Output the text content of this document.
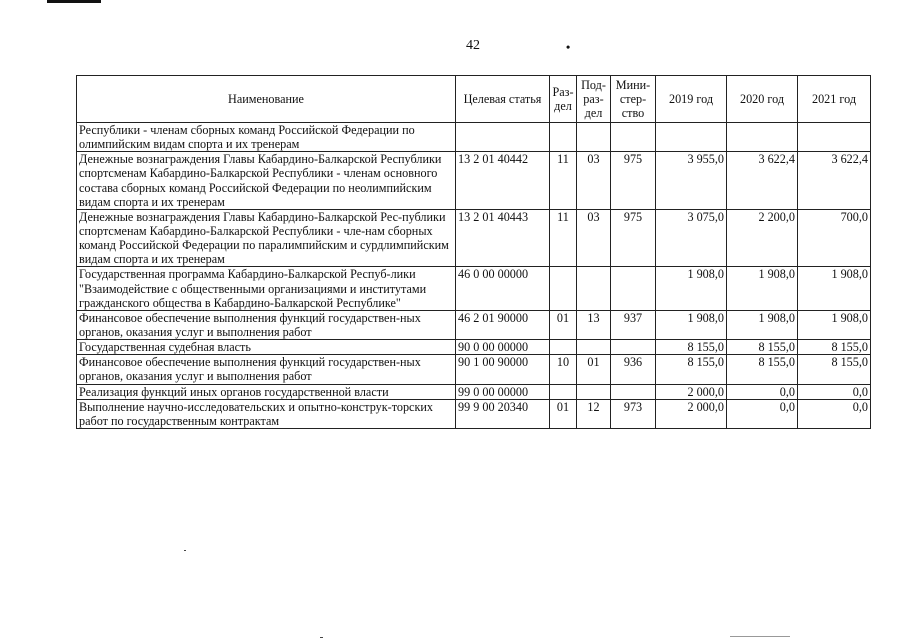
42	•
Наименование	Целевая статья	Раз-дел	Под-раз-дел	Мини-стер-ство	2019 год	2020 год	2021 год
Республики - членам сборных команд Российской Федерации по олимпийским видам спорта и их тренерам							
Денежные вознаграждения Главы Кабардино-Балкарской Республики спортсменам Кабардино-Балкарской Республики - членам основного состава сборных команд Российской Федерации по неолимпийским видам спорта и их тренерам	13 2 01 40442	11	03	975	3 955,0	3 622,4	3 622,4
Денежные вознаграждения Главы Кабардино-Балкарской Рес-публики спортсменам Кабардино-Балкарской Республики - чле-нам сборных команд Российской Федерации по паралимпийским и сурдлимпийским видам спорта и их тренерам	13 2 01 40443	11	03	975	3 075,0	2 200,0	700,0
Государственная программа Кабардино-Балкарской Респуб-лики "Взаимодействие с общественными организациями и институтами гражданского общества в Кабардино-Балкарской Республике"	46 0 00 00000				1 908,0	1 908,0	1 908,0
Финансовое обеспечение выполнения функций государствен-ных органов, оказания услуг и выполнения работ	46 2 01 90000	01	13	937	1 908,0	1 908,0	1 908,0
Государственная судебная власть	90 0 00 00000				8 155,0	8 155,0	8 155,0
Финансовое обеспечение выполнения функций государствен-ных органов, оказания услуг и выполнения работ	90 1 00 90000	10	01	936	8 155,0	8 155,0	8 155,0
Реализация функций иных органов государственной власти	99 0 00 00000				2 000,0	0,0	0,0
Выполнение научно-исследовательских и опытно-конструк-торских работ по государственным контрактам	99 9 00 20340	01	12	973	2 000,0	0,0	0,0
